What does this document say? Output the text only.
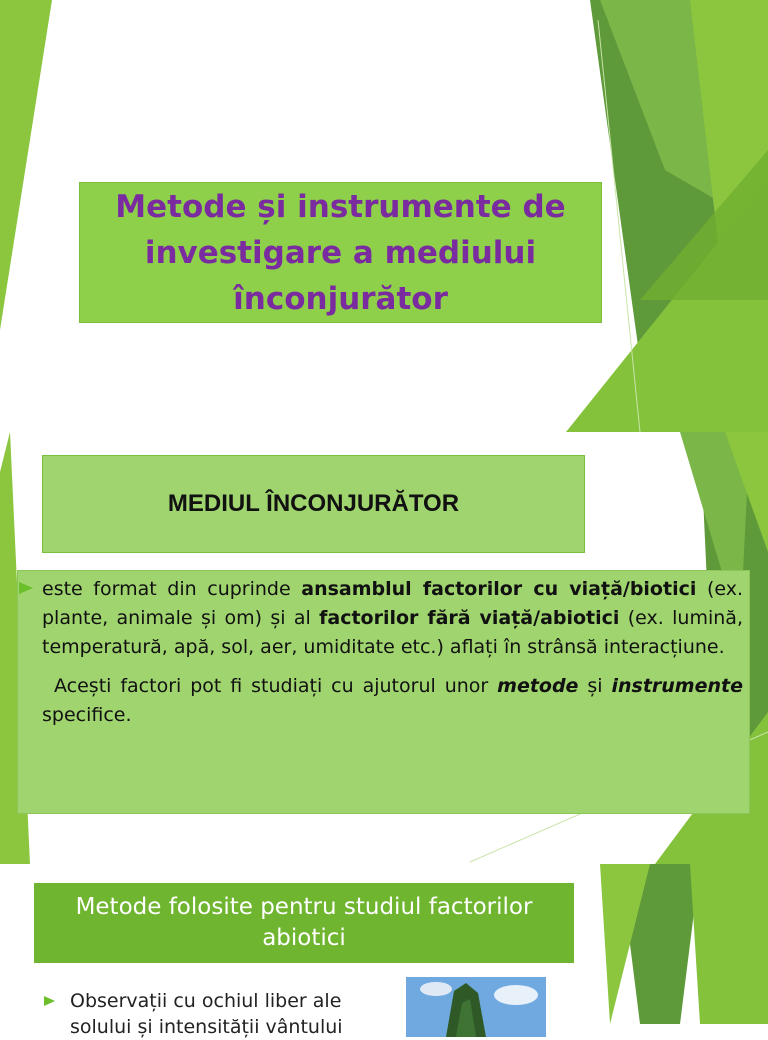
Metode și instrumente de investigare a mediului înconjurător
MEDIUL ÎNCONJURĂTOR

este format din cuprinde ansamblul factorilor cu viață/biotici (ex. plante, animale și om) și al factorilor fără viață/abiotici (ex. lumină, temperatură, apă, sol, aer, umiditate etc.) aflați în strânsă interacțiune.

Acești factori pot fi studiați cu ajutorul unor metode și instrumente specifice.

Metode folosite pentru studiul factorilor abiotici
Observații cu ochiul liber ale solului și intensității vântului
